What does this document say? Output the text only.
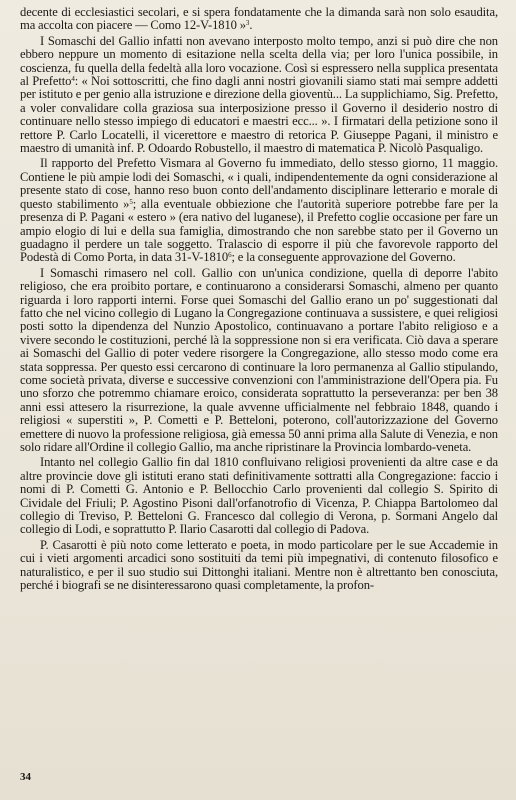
decente di ecclesiastici secolari, e si spera fondatamente che la dimanda sarà non solo esaudita, ma accolta con piacere — Como 12-V-1810 »$^3$.

I Somaschi del Gallio infatti non avevano interposto molto tempo, anzi si può dire che non ebbero neppure un momento di esitazione nella scelta della via; per loro l'unica possibile, in coscienza, fu quella della fedeltà alla loro vocazione. Così si espressero nella supplica presentata al Prefetto$^4$: « Noi sottoscritti, che fino dagli anni nostri giovanili siamo stati mai sempre addetti per istituto e per genio alla istruzione e direzione della gioventù... La supplichiamo, Sig. Prefetto, a voler convalidare colla graziosa sua interposizione presso il Governo il desiderio nostro di continuare nello stesso impiego di educatori e maestri ecc... ». I firmatari della petizione sono il rettore P. Carlo Locatelli, il vicerettore e maestro di retorica P. Giuseppe Pagani, il ministro e maestro di umanità inf. P. Odoardo Robustello, il maestro di matematica P. Nicolò Pasqualigo.

Il rapporto del Prefetto Vismara al Governo fu immediato, dello stesso giorno, 11 maggio. Contiene le più ampie lodi dei Somaschi, « i quali, indipendentemente da ogni considerazione al presente stato di cose, hanno reso buon conto dell'andamento disciplinare letterario e morale di questo stabilimento »$^5$; alla eventuale obbiezione che l'autorità superiore potrebbe fare per la presenza di P. Pagani « estero » (era nativo del luganese), il Prefetto coglie occasione per fare un ampio elogio di lui e della sua famiglia, dimostrando che non sarebbe stato per il Governo un guadagno il perdere un tale soggetto. Tralascio di esporre il più che favorevole rapporto del Podestà di Como Porta, in data 31-V-1810$^6$; e la conseguente approvazione del Governo.

I Somaschi rimasero nel coll. Gallio con un'unica condizione, quella di deporre l'abito religioso, che era proibito portare, e continuarono a considerarsi Somaschi, almeno per quanto riguarda i loro rapporti interni. Forse quei Somaschi del Gallio erano un po' suggestionati dal fatto che nel vicino collegio di Lugano la Congregazione continuava a sussistere, e quei religiosi posti sotto la dipendenza del Nunzio Apostolico, continuavano a portare l'abito religioso e a vivere secondo le costituzioni, perché là la soppressione non si era verificata. Ciò dava a sperare ai Somaschi del Gallio di poter vedere risorgere la Congregazione, allo stesso modo come era stata soppressa. Per questo essi cercarono di continuare la loro permanenza al Gallio stipulando, come società privata, diverse e successive convenzioni con l'amministrazione dell'Opera pia. Fu uno sforzo che potremmo chiamare eroico, considerata soprattutto la perseveranza: per ben 38 anni essi attesero la risurrezione, la quale avvenne ufficialmente nel febbraio 1848, quando i religiosi « superstiti », P. Cometti e P. Betteloni, poterono, coll'autorizzazione del Governo emettere di nuovo la professione religiosa, già emessa 50 anni prima alla Salute di Venezia, e non solo ridare all'Ordine il collegio Gallio, ma anche ripristinare la Provincia lombardo-veneta.

Intanto nel collegio Gallio fin dal 1810 confluivano religiosi provenienti da altre case e da altre provincie dove gli istituti erano stati definitivamente sottratti alla Congregazione: faccio i nomi di P. Cometti G. Antonio e P. Bellocchio Carlo provenienti dal collegio S. Spirito di Cividale del Friuli; P. Agostino Pisoni dall'orfanotrofio di Vicenza, P. Chiappa Bartolomeo dal collegio di Treviso, P. Betteloni G. Francesco dal collegio di Verona, p. Sormani Angelo dal collegio di Lodi, e soprattutto P. Ilario Casarotti dal collegio di Padova.

P. Casarotti è più noto come letterato e poeta, in modo particolare per le sue Accademie in cui i vieti argomenti arcadici sono sostituiti da temi più impegnativi, di contenuto filosofico e naturalistico, e per il suo studio sui Dittonghi italiani. Mentre non è altrettanto ben conosciuta, perché i biografi se ne disinteressarono quasi completamente, la profon-

34
